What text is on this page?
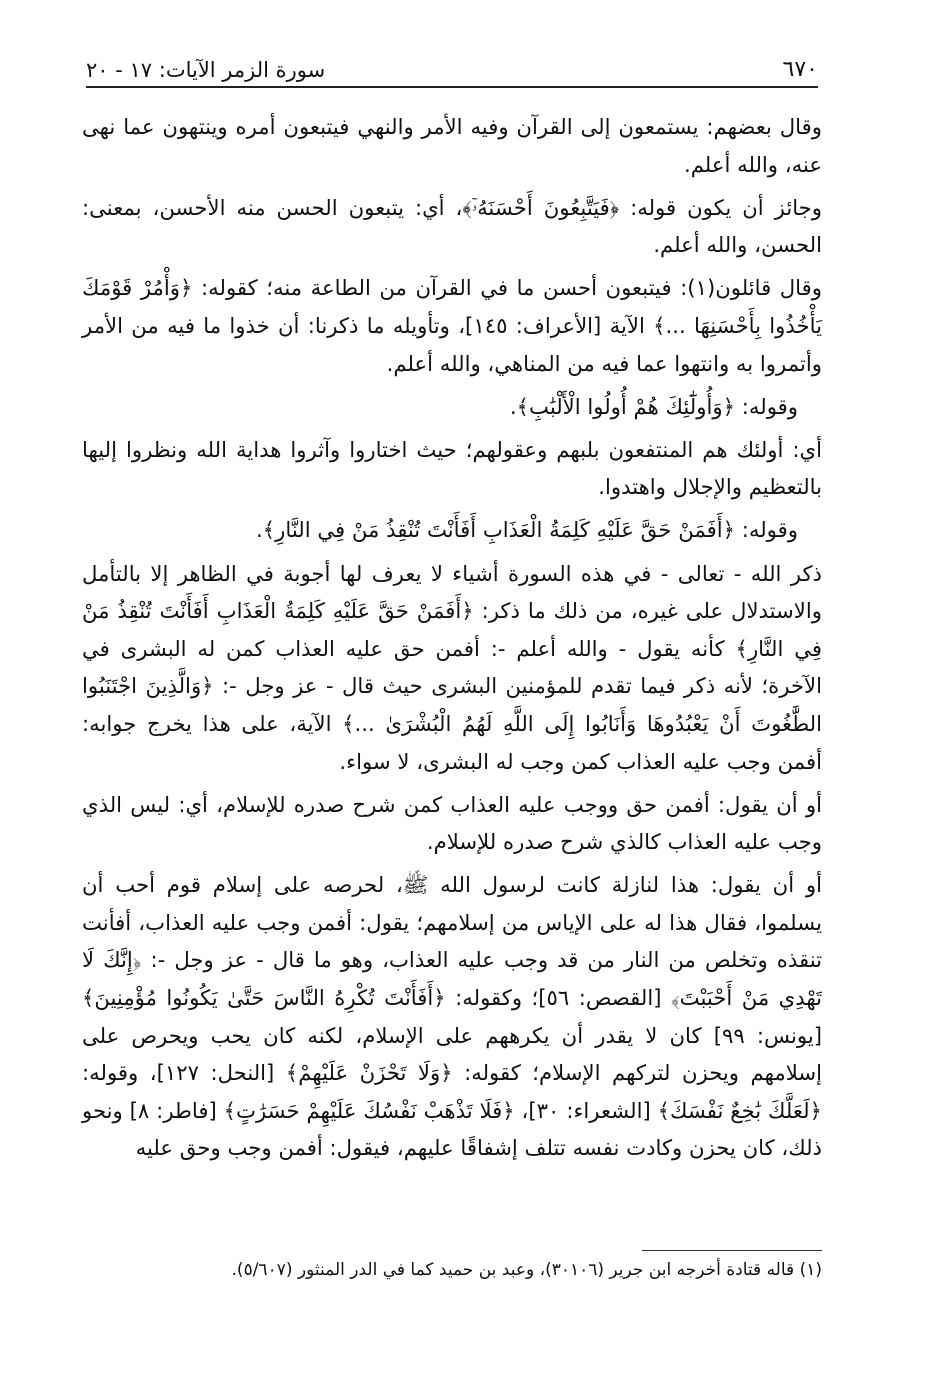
٦٧٠
سورة الزمر الآيات: ١٧ - ٢٠

وقال بعضهم: يستمعون إلى القرآن وفيه الأمر والنهي فيتبعون أمره وينتهون عما نهى عنه، والله أعلم.

وجائز أن يكون قوله: ﴿فَيَتَّبِعُونَ أَحْسَنَهُۥٓ﴾، أي: يتبعون الحسن منه الأحسن، بمعنى: الحسن، والله أعلم.

وقال قائلون(١): فيتبعون أحسن ما في القرآن من الطاعة منه؛ كقوله: ﴿وَأْمُرْ قَوْمَكَ يَأْخُذُوا بِأَحْسَنِهَا ...﴾ الآية [الأعراف: ١٤٥]، وتأويله ما ذكرنا: أن خذوا ما فيه من الأمر وأتمروا به وانتهوا عما فيه من المناهي، والله أعلم.

وقوله: ﴿وَأُولَٰٓئِكَ هُمْ أُولُوا الْأَلْبَٰبِ﴾.

أي: أولئك هم المنتفعون بلبهم وعقولهم؛ حيث اختاروا وآثروا هداية الله ونظروا إليها بالتعظيم والإجلال واهتدوا.

وقوله: ﴿أَفَمَنْ حَقَّ عَلَيْهِ كَلِمَةُ الْعَذَابِ أَفَأَنْتَ تُنْقِذُ مَنْ فِي النَّارِ﴾.

ذكر الله - تعالى - في هذه السورة أشياء لا يعرف لها أجوبة في الظاهر إلا بالتأمل والاستدلال على غيره، من ذلك ما ذكر: ﴿أَفَمَنْ حَقَّ عَلَيْهِ كَلِمَةُ الْعَذَابِ أَفَأَنْتَ تُنْقِذُ مَنْ فِي النَّارِ﴾ كأنه يقول - والله أعلم -: أفمن حق عليه العذاب كمن له البشرى في الآخرة؛ لأنه ذكر فيما تقدم للمؤمنين البشرى حيث قال - عز وجل -: ﴿وَالَّذِينَ اجْتَنَبُوا الطَّٰغُوتَ أَنْ يَعْبُدُوهَا وَأَنَابُوا إِلَى اللَّهِ لَهُمُ الْبُشْرَىٰ ...﴾ الآية، على هذا يخرج جوابه: أفمن وجب عليه العذاب كمن وجب له البشرى، لا سواء.

أو أن يقول: أفمن حق ووجب عليه العذاب كمن شرح صدره للإسلام، أي: ليس الذي وجب عليه العذاب كالذي شرح صدره للإسلام.

أو أن يقول: هذا لنازلة كانت لرسول الله ﷺ، لحرصه على إسلام قوم أحب أن يسلموا، فقال هذا له على الإياس من إسلامهم؛ يقول: أفمن وجب عليه العذاب، أفأنت تنقذه وتخلص من النار من قد وجب عليه العذاب، وهو ما قال - عز وجل -: ﴿إِنَّكَ لَا تَهْدِي مَنْ أَحْبَبْتَ﴾ [القصص: ٥٦]؛ وكقوله: ﴿أَفَأَنْتَ تُكْرِهُ النَّاسَ حَتَّىٰ يَكُونُوا مُؤْمِنِينَ﴾ [يونس: ٩٩] كان لا يقدر أن يكرههم على الإسلام، لكنه كان يحب ويحرص على إسلامهم ويحزن لتركهم الإسلام؛ كقوله: ﴿وَلَا تَحْزَنْ عَلَيْهِمْ﴾ [النحل: ١٢٧]، وقوله: ﴿لَعَلَّكَ بَٰخِعٌ نَفْسَكَ﴾ [الشعراء: ٣٠]، ﴿فَلَا تَذْهَبْ نَفْسُكَ عَلَيْهِمْ حَسَرَٰتٍ﴾ [فاطر: ٨] ونحو ذلك، كان يحزن وكادت نفسه تتلف إشفاقًا عليهم، فيقول: أفمن وجب وحق عليه

(١) قاله قتادة أخرجه ابن جرير (٣٠١٠٦)، وعبد بن حميد كما في الدر المنثور (٥/٦٠٧).
